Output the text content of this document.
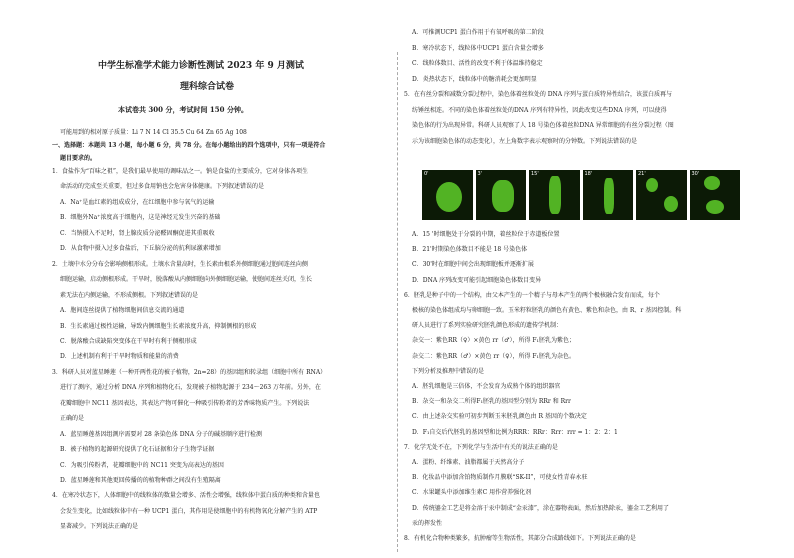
中学生标准学术能力诊断性测试 2023 年 9 月测试
理科综合试卷
本试卷共 300 分，考试时间 150 分钟。
可能用到的相对原子质量：Li 7 N 14 Cl 35.5 Cu 64 Zn 65 Ag 108
一、选择题：本题共 13 小题，每小题 6 分，共 78 分。在每小题给出的四个选项中，只有一项是符合
题目要求的。
1．食盐作为“百味之祖”，是我们最早使用的调味品之一。钠是食盐的主要成分，它对身体各项生
命活动的完成至关重要，但过多食用钠也会危害身体健康。下列叙述错误的是
A．Na⁺是血红素的组成成分，在红细胞中参与氧气的运输
B．细胞外Na⁺浓度高于细胞内，这是神经元发生兴奋的基础
C．当钠摄入不足时，肾上腺皮质分泌醛固酮促进其重吸收
D．从食物中摄入过多食盐后，下丘脑分泌的抗利尿激素增加
2．土壤中水分分布会影响侧根形成。土壤水含量高时，生长素由根系外侧细胞通过胞间连丝向侧
细胞运输，启动侧根形成。干旱时，脱落酸从内侧细胞向外侧细胞运输，使胞间连丝关闭，生长
素无法在内侧运输，不形成侧根。下列叙述错误的是
A．胞间连丝提供了植物细胞间信息交流的通道
B．生长素通过极性运输，导致内侧细胞生长素浓度升高，抑制侧根的形成
C．脱落酸合成缺陷突变体在干旱时有利于侧根形成
D．上述机制有利于干旱时物质和能量的消费
3．科研人员对蓝星睡莲（一种开两性花的被子植物，2n=28）的基因组和转录组（细胞中所有 RNA）
进行了测序，通过分析 DNA 序列和植物化石，发现被子植物起源于 234～263 万年前。另外，在
花瓣细胞中 NC11 基因表达，其表达产物可催化一种吸引传粉者的芳香味物质产生。下列说法
正确的是
A．蓝星睡莲基因组测序需要对 28 条染色体 DNA 分子的碱基顺序进行检测
B．被子植物的起源研究提供了化石证据和分子生物学证据
C．为吸引传粉者，花瓣细胞中的 NC11 突变为高表达的基因
D．蓝星睡莲和其他更回传播的的植物种群之间没有生殖隔离
4．在寒冷状态下，人体细胞中的线粒体的数量会增多、活性会增强，线粒体中蛋白质的种类和含量也
会发生变化，比如线粒体中有一种 UCP1 蛋白，其作用是使细胞中的有机物氧化分解产生的 ATP
显著减少。下列说法正确的是
A．可推测UCP1 蛋白作用于有氧呼吸的第二阶段
B．寒冷状态下，线粒体中UCP1 蛋白含量会增多
C．线粒体数目、活性的改变不利于体温维持稳定
D．炎热状态下，线粒体中的糖消耗会更加明显
5．在有丝分裂和减数分裂过程中，染色体着丝粒处的 DNA 序列与蛋白质特异性结合，该蛋白质再与
纺锤丝相连。不同的染色体着丝粒处的DNA 序列有特异性，因此改变这些DNA 序列，可以使得
染色体的行为出现异常。科研人员观察了人 18 号染色体着丝粒DNA 异常细胞的有丝分裂过程（图
示为该细胞染色体的动态变化），左上角数字表示观察时的分钟数。下列说法错误的是
0'	3'	15'	18'	21'	30'
A．15 '时细胞处于分裂的中期，着丝粒位于赤道板位置
B．21'时期染色体数目不能是 18 号染色体
C．30'时在细胞中间会出现细胞板并逐渐扩展
D．DNA 序列改变可能引起细胞染色体数目变异
6．胚乳是种子中的一个结构，由父本产生的一个精子与母本产生的两个极核融合发育而成，每个
极核的染色体组成均与卵细胞一致。玉米籽粒胚乳的颜色有黄色、紫色和杂色，由 R、r 基因控制。科
研人员进行了系列实验研究胚乳颜色形成的遗传学机制：
杂交一：紫色RR（♀）×黄色 rr（♂），所得 F₁胚乳为紫色；
杂交二：紫色RR（♂）×黄色 rr（♀），所得 F₁胚乳为杂色。
下列分析及推理中错误的是
A．胚乳细胞是三倍体，不会发育为成熟个体的组织器官
B．杂交一和杂交二所得F₁胚乳的基因型分别为 RRr 和 Rrr
C．由上述杂交实验可初步判断玉米胚乳颜色由 R 基因的个数决定
D．F₁自交后代胚乳的基因型和比例为RRR：RRr：Rrr：rrr = 1：2：2：1
7．化学无处不在，下列化学与生活中有关的说法正确的是
A．蛋粉、纤维素、油脂都属于天然高分子
B．化妆品中添加含铂物质制作月膜联“SK-II”，可使女性青春永驻
C．水果罐头中添加维生素C 用作营养强化剂
D．传统鎏金工艺是将金溶于汞中制成“金汞漆”，涂在器物表面，然后加热除汞，鎏金工艺利用了
汞的挥发性
8．有机化合物种类繁多，抗肿瘤等生物活性，其部分合成路线如下。下列说法正确的是
